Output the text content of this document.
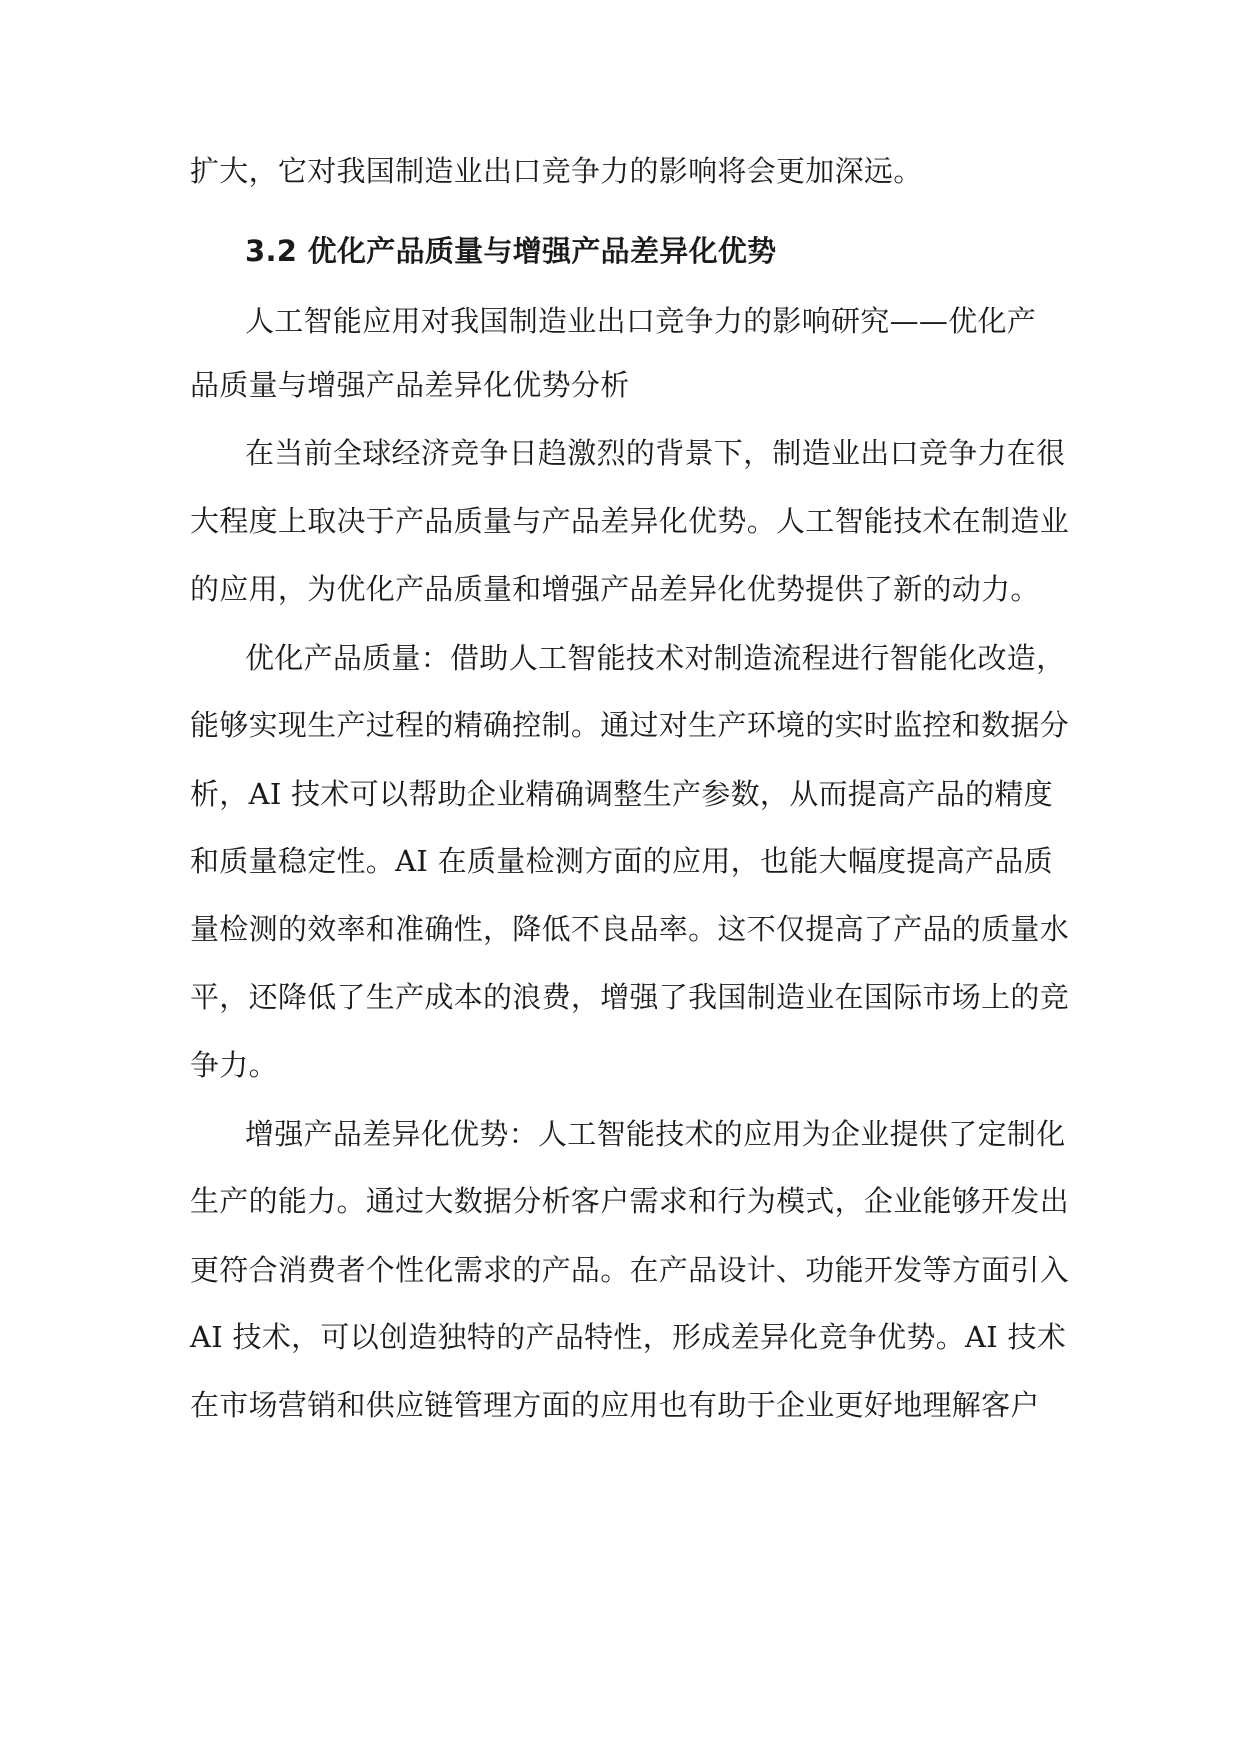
扩大，它对我国制造业出口竞争力的影响将会更加深远。
3.2 优化产品质量与增强产品差异化优势
人工智能应用对我国制造业出口竞争力的影响研究——优化产
品质量与增强产品差异化优势分析
在当前全球经济竞争日趋激烈的背景下，制造业出口竞争力在很
大程度上取决于产品质量与产品差异化优势。人工智能技术在制造业
的应用，为优化产品质量和增强产品差异化优势提供了新的动力。
优化产品质量：借助人工智能技术对制造流程进行智能化改造，
能够实现生产过程的精确控制。通过对生产环境的实时监控和数据分
析，AI 技术可以帮助企业精确调整生产参数，从而提高产品的精度
和质量稳定性。AI 在质量检测方面的应用，也能大幅度提高产品质
量检测的效率和准确性，降低不良品率。这不仅提高了产品的质量水
平，还降低了生产成本的浪费，增强了我国制造业在国际市场上的竞
争力。
增强产品差异化优势：人工智能技术的应用为企业提供了定制化
生产的能力。通过大数据分析客户需求和行为模式，企业能够开发出
更符合消费者个性化需求的产品。在产品设计、功能开发等方面引入
AI 技术，可以创造独特的产品特性，形成差异化竞争优势。AI 技术
在市场营销和供应链管理方面的应用也有助于企业更好地理解客户
